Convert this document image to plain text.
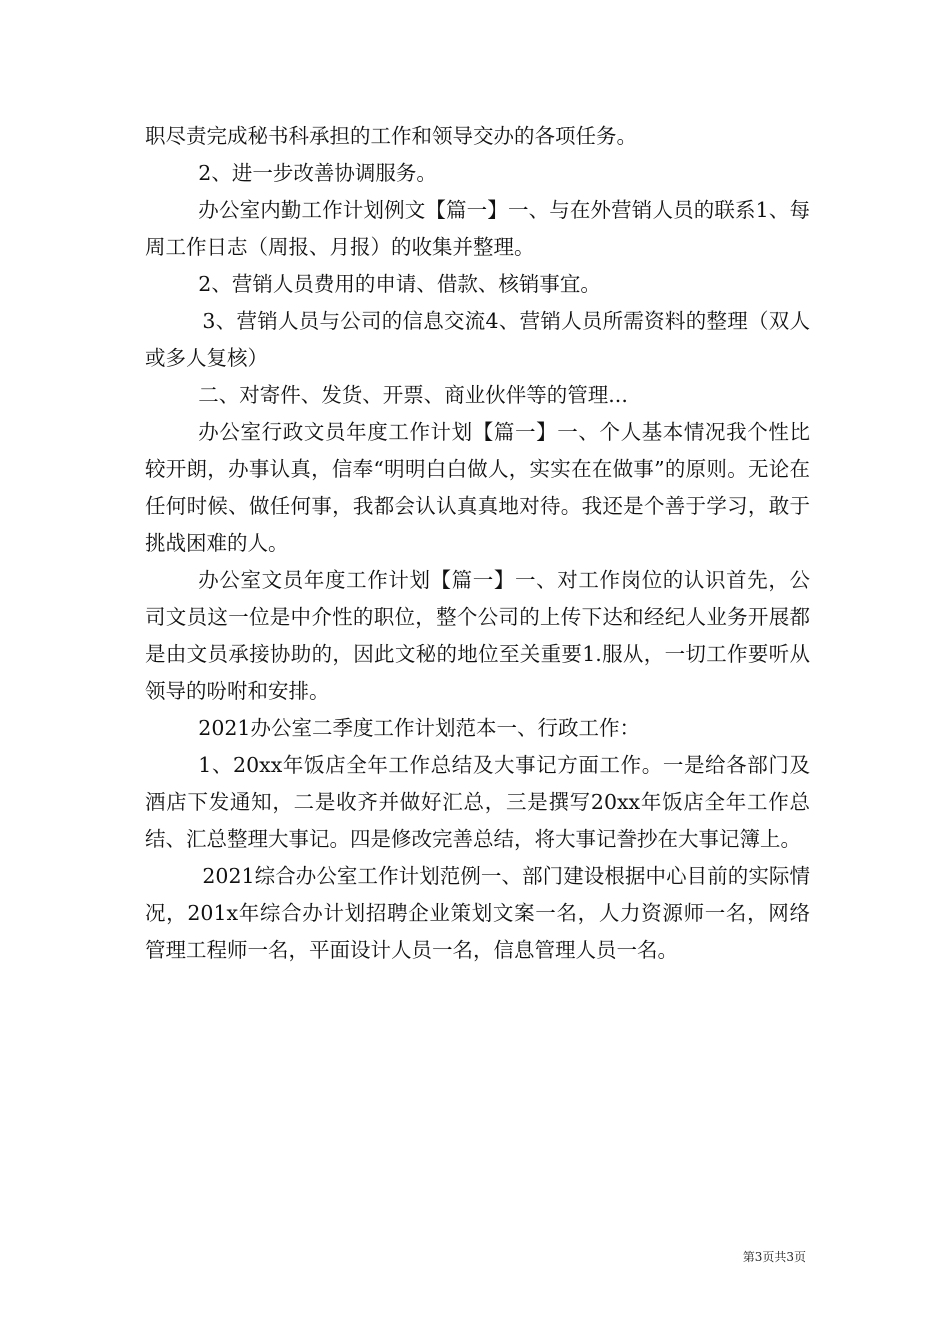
职尽责完成秘书科承担的工作和领导交办的各项任务。

2、进一步改善协调服务。

办公室内勤工作计划例文【篇一】一、与在外营销人员的联系1、每周工作日志（周报、月报）的收集并整理。

2、营销人员费用的申请、借款、核销事宜。

3、营销人员与公司的信息交流4、营销人员所需资料的整理（双人或多人复核）

二、对寄件、发货、开票、商业伙伴等的管理...

办公室行政文员年度工作计划【篇一】一、个人基本情况我个性比较开朗，办事认真，信奉“明明白白做人，实实在在做事”的原则。无论在任何时候、做任何事，我都会认认真真地对待。我还是个善于学习，敢于挑战困难的人。

办公室文员年度工作计划【篇一】一、对工作岗位的认识首先，公司文员这一位是中介性的职位，整个公司的上传下达和经纪人业务开展都是由文员承接协助的，因此文秘的地位至关重要1.服从，一切工作要听从领导的吩咐和安排。

2021办公室二季度工作计划范本一、行政工作：

1、20xx年饭店全年工作总结及大事记方面工作。一是给各部门及酒店下发通知，二是收齐并做好汇总，三是撰写20xx年饭店全年工作总结、汇总整理大事记。四是修改完善总结，将大事记誊抄在大事记簿上。

2021综合办公室工作计划范例一、部门建设根据中心目前的实际情况，201x年综合办计划招聘企业策划文案一名，人力资源师一名，网络管理工程师一名，平面设计人员一名，信息管理人员一名。

第3页共3页
